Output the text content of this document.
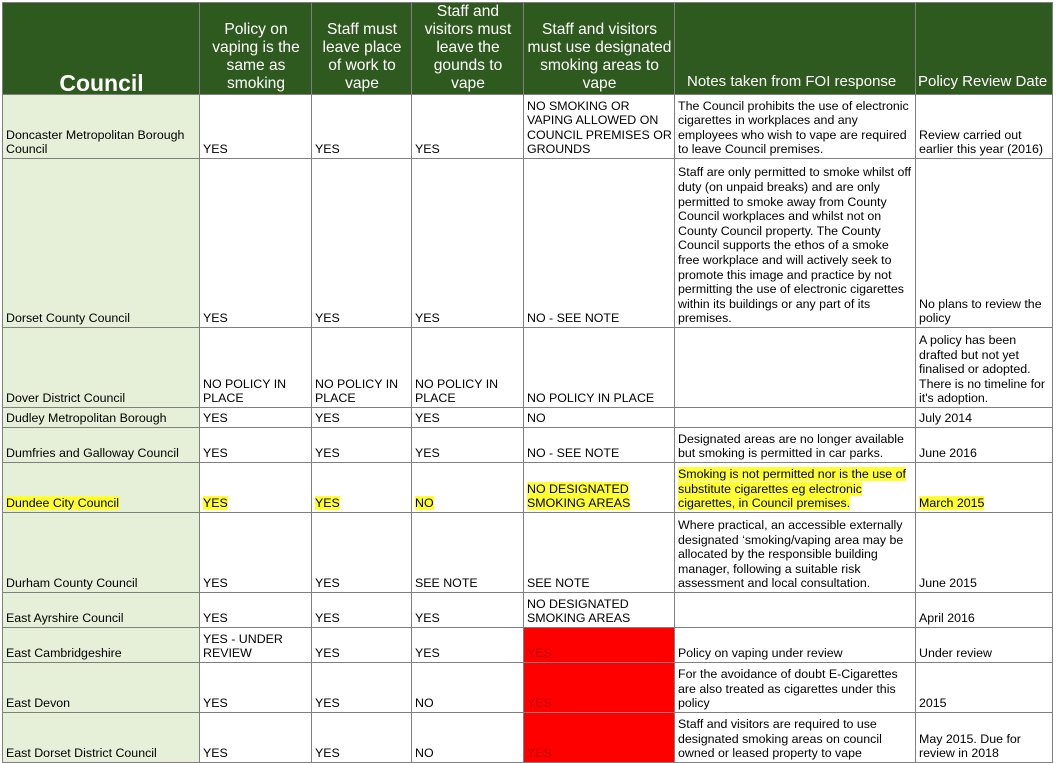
Council	Policy on vaping is the same as smoking	Staff must leave place of work to vape	Staff and visitors must leave the gounds to vape	Staff and visitors must use designated smoking areas to vape	Notes taken from FOI response	Policy Review Date
Doncaster Metropolitan Borough Council	YES	YES	YES	NO SMOKING OR VAPING ALLOWED ON COUNCIL PREMISES OR GROUNDS	The Council prohibits the use of electronic cigarettes in workplaces and any employees who wish to vape are required to leave Council premises.	Review carried out earlier this year (2016)
Dorset County Council	YES	YES	YES	NO - SEE NOTE	Staff are only permitted to smoke whilst off duty (on unpaid breaks) and are only permitted to smoke away from County Council workplaces and whilst not on County Council property. The County Council supports the ethos of a smoke free workplace and will actively seek to promote this image and practice by not permitting the use of electronic cigarettes within its buildings or any part of its premises.	No plans to review the policy
Dover District Council	NO POLICY IN PLACE	NO POLICY IN PLACE	NO POLICY IN PLACE	NO POLICY IN PLACE		A policy has been drafted but not yet finalised or adopted. There is no timeline for it's adoption.
Dudley Metropolitan Borough	YES	YES	YES	NO		July 2014
Dumfries and Galloway Council	YES	YES	YES	NO - SEE NOTE	Designated areas are no longer available but smoking is permitted in car parks.	June 2016
Dundee City Council	YES	YES	NO	NO DESIGNATED SMOKING AREAS	Smoking is not permitted nor is the use of substitute cigarettes eg electronic cigarettes, in Council premises.	March 2015
Durham County Council	YES	YES	SEE NOTE	SEE NOTE	Where practical, an accessible externally designated ‘smoking/vaping area may be allocated by the responsible building manager, following a suitable risk assessment and local consultation.	June 2015
East Ayrshire Council	YES	YES	YES	NO DESIGNATED SMOKING AREAS		April 2016
East Cambridgeshire	YES - UNDER REVIEW	YES	YES	YES	Policy on vaping under review	Under review
East Devon	YES	YES	NO	YES	For the avoidance of doubt E-Cigarettes are also treated as cigarettes under this policy	2015
East Dorset District Council	YES	YES	NO	YES	Staff and visitors are required to use designated smoking areas on council owned or leased property to vape	May 2015. Due for review in 2018
